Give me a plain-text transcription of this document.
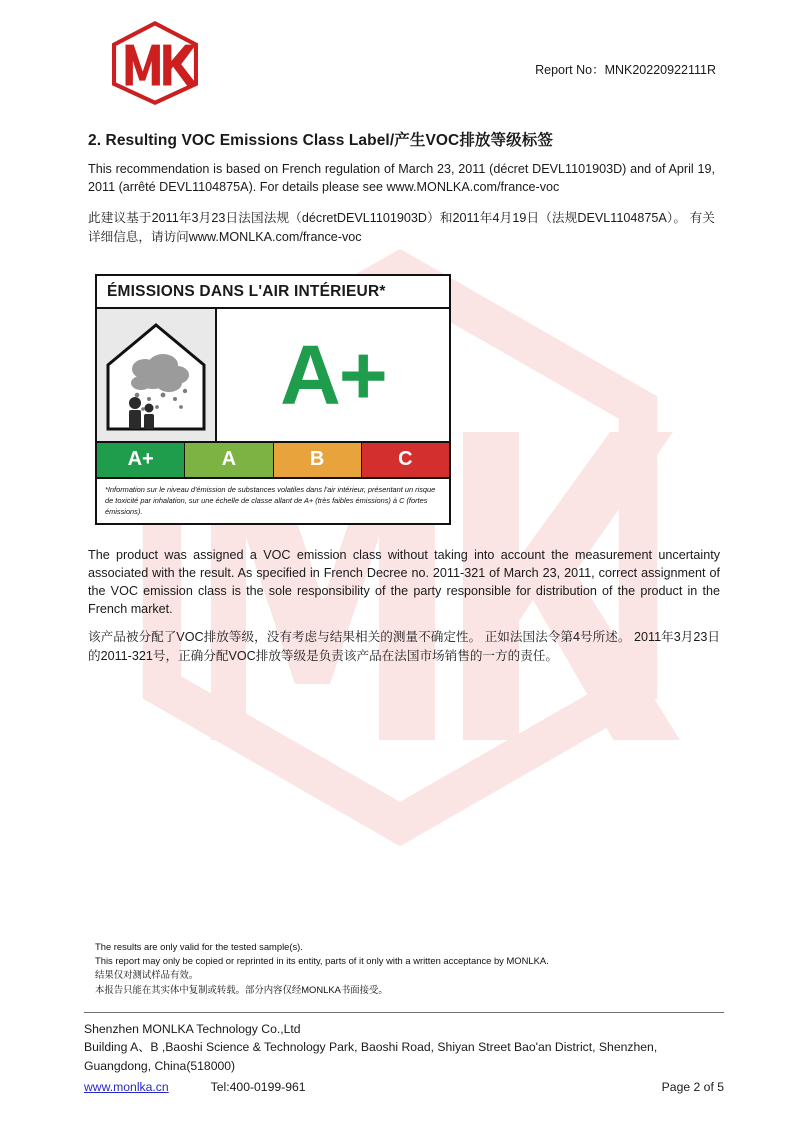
Report No：MNK20220922111R
2. Resulting VOC Emissions Class Label/产生VOC排放等级标签
This recommendation is based on French regulation of March 23, 2011 (décret DEVL1101903D) and of April 19, 2011 (arrêté DEVL1104875A). For details please see www.MONLKA.com/france-voc
此建议基于2011年3月23日法国法规（décretDEVL1101903D）和2011年4月19日（法规DEVL1104875A）。 有关详细信息，请访问www.MONLKA.com/france-voc
ÉMISSIONS DANS L'AIR INTÉRIEUR*
A+
A+	A	B	C
*Information sur le niveau d'émission de substances volatiles dans l'air intérieur, présentant un risque de toxicité par inhalation, sur une échelle de classe allant de A+ (très faibles émissions) à C (fortes émissions).
The product was assigned a VOC emission class without taking into account the measurement uncertainty associated with the result. As specified in French Decree no. 2011-321 of March 23, 2011, correct assignment of the VOC emission class is the sole responsibility of the party responsible for distribution of the product in the French market.
该产品被分配了VOC排放等级，没有考虑与结果相关的测量不确定性。 正如法国法令第4号所述。 2011年3月23日的2011-321号，正确分配VOC排放等级是负责该产品在法国市场销售的一方的责任。
The results are only valid for the tested sample(s).
This report may only be copied or reprinted in its entity, parts of it only with a written acceptance by MONLKA.
结果仅对测试样品有效。
本报告只能在其实体中复制或转载。部分内容仅经MONLKA书面接受。
Shenzhen MONLKA Technology Co.,Ltd
Building A、B ,Baoshi Science & Technology Park, Baoshi Road, Shiyan Street Bao'an District, Shenzhen, Guangdong, China(518000)
www.monlka.cn	Tel:400-0199-961	Page 2 of 5
